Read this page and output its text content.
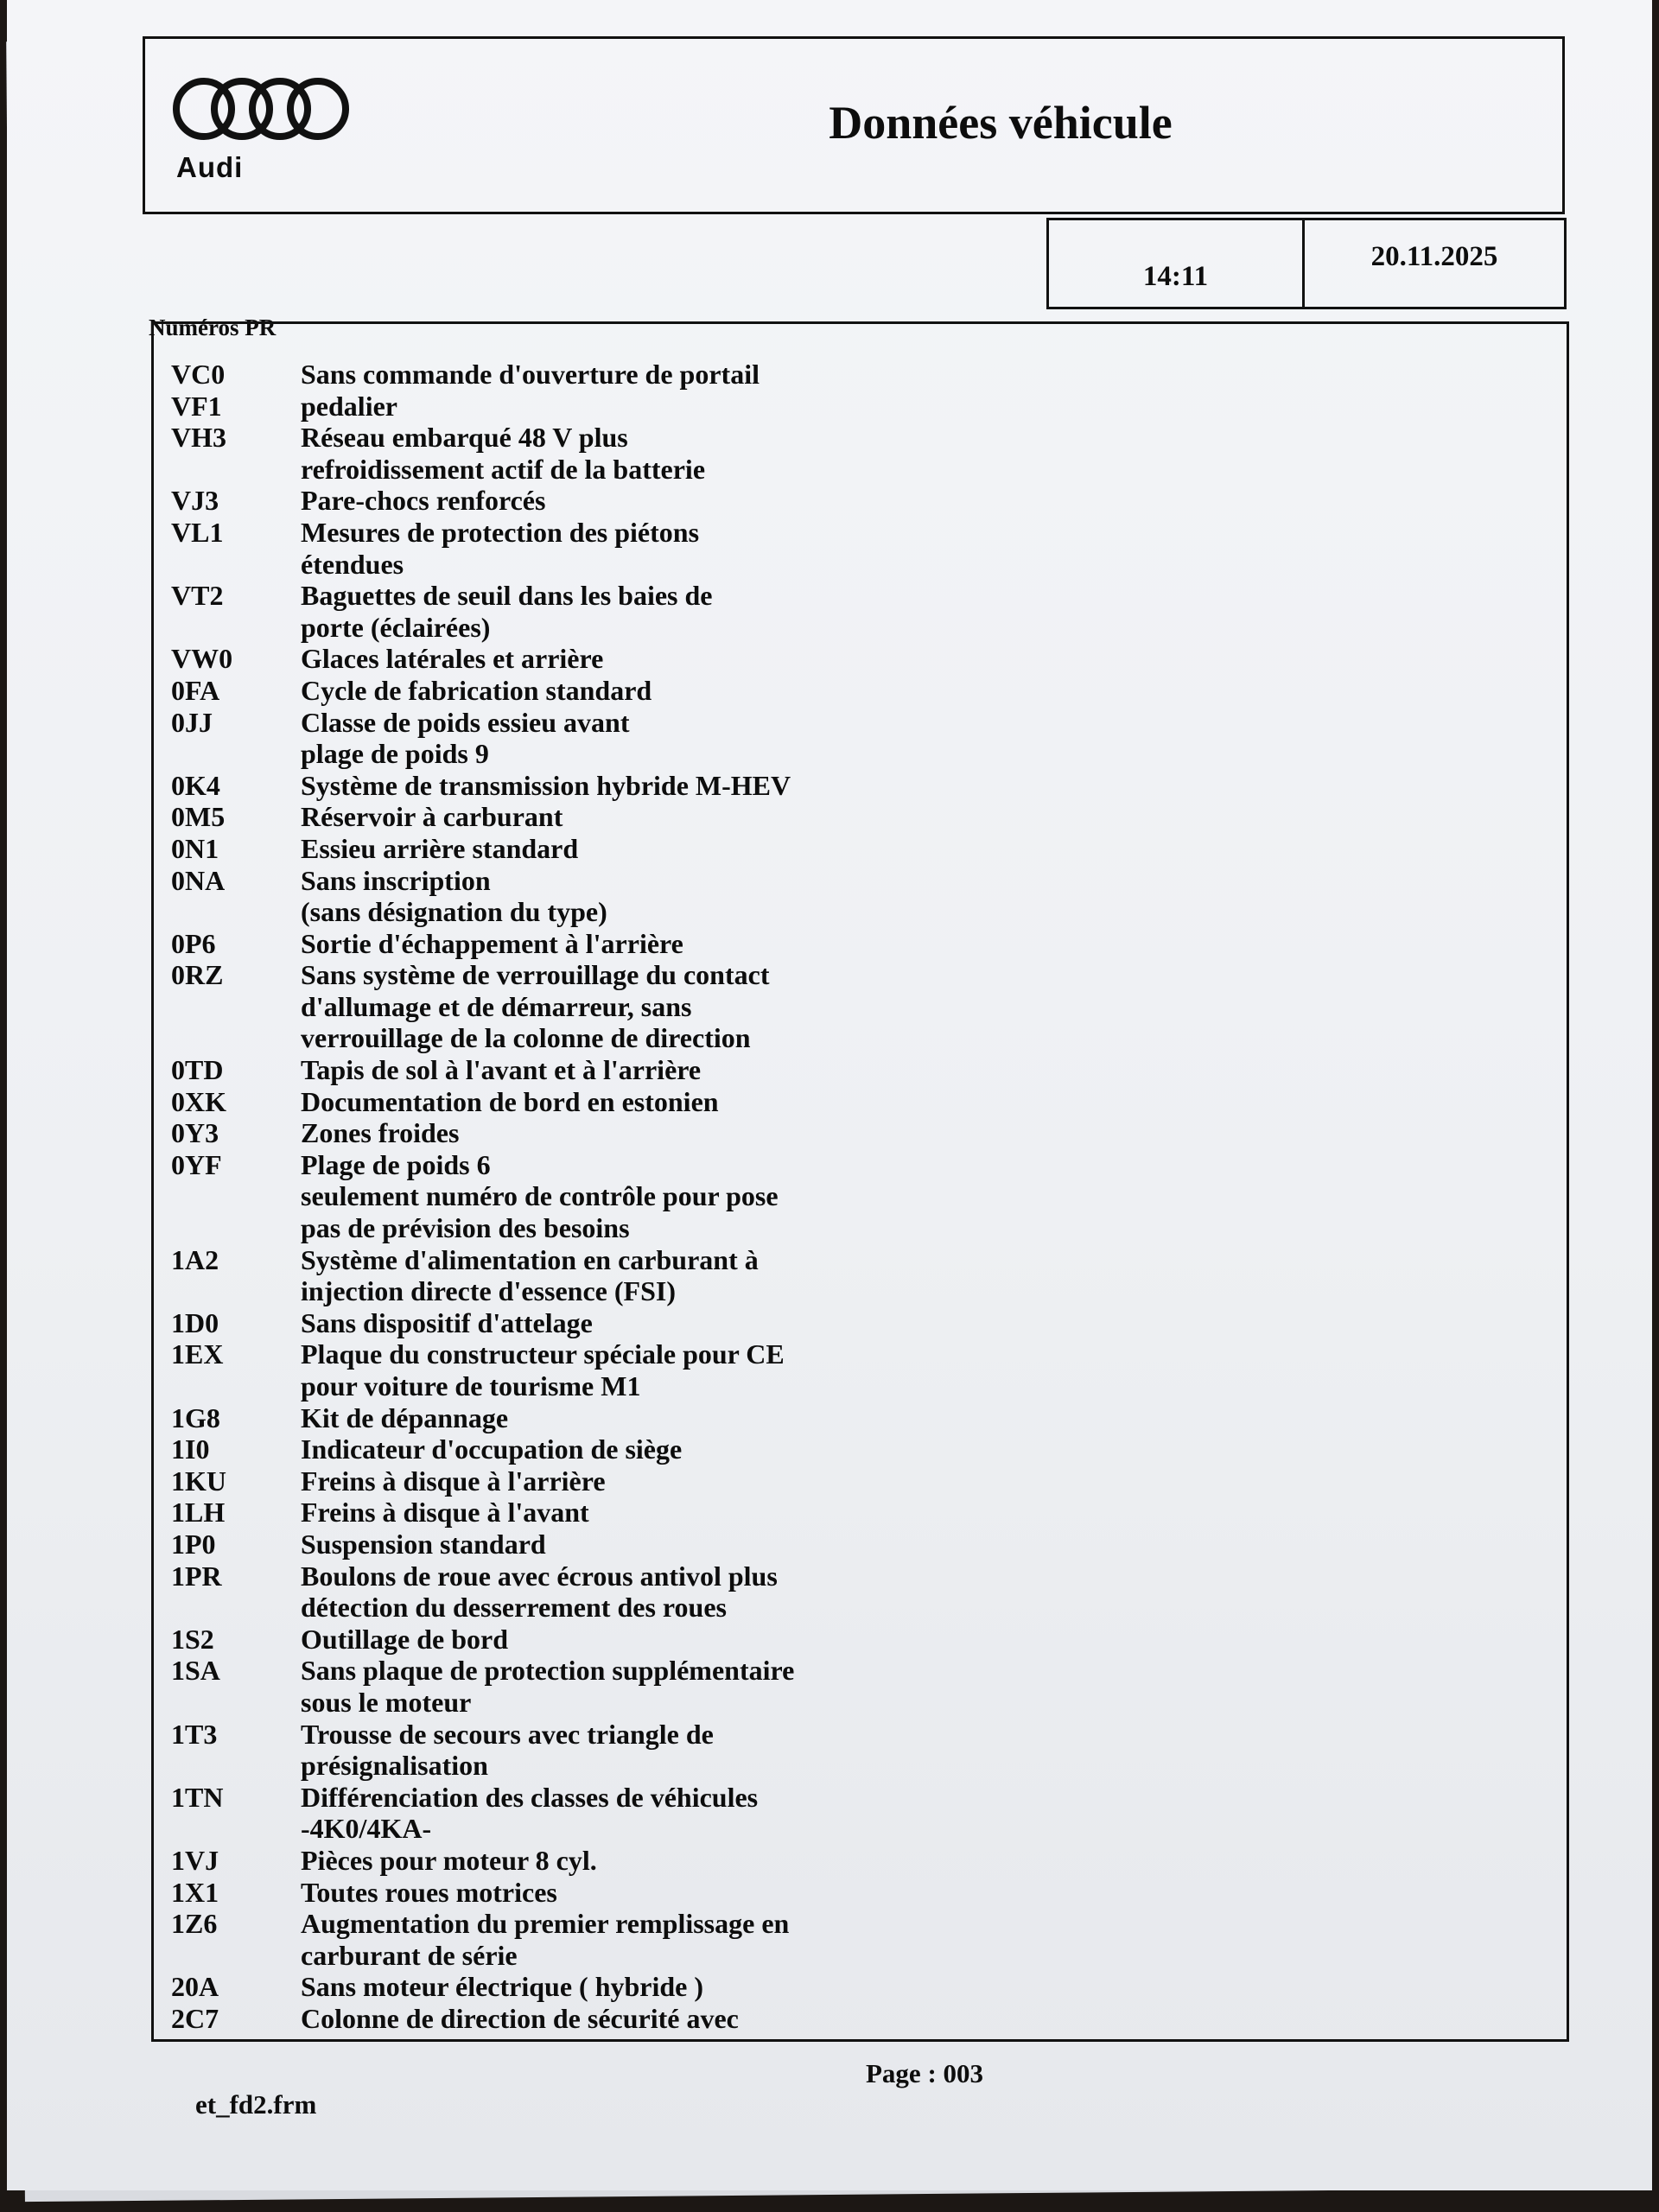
Audi
Données véhicule
14:11
20.11.2025
Numéros PR
VC0	Sans commande d'ouverture de portail
VF1	pedalier
VH3	Réseau embarqué 48 V plus
refroidissement actif de la batterie
VJ3	Pare-chocs renforcés
VL1	Mesures de protection des piétons
étendues
VT2	Baguettes de seuil dans les baies de
porte (éclairées)
VW0	Glaces latérales et arrière
0FA	Cycle de fabrication standard
0JJ	Classe de poids essieu avant
plage de poids 9
0K4	Système de transmission hybride M-HEV
0M5	Réservoir à carburant
0N1	Essieu arrière standard
0NA	Sans inscription
(sans désignation du type)
0P6	Sortie d'échappement à l'arrière
0RZ	Sans système de verrouillage du contact
d'allumage et de démarreur, sans
verrouillage de la colonne de direction
0TD	Tapis de sol à l'avant et à l'arrière
0XK	Documentation de bord en estonien
0Y3	Zones froides
0YF	Plage de poids 6
seulement numéro de contrôle pour pose
pas de prévision des besoins
1A2	Système d'alimentation en carburant à
injection directe d'essence (FSI)
1D0	Sans dispositif d'attelage
1EX	Plaque du constructeur spéciale pour CE
pour voiture de tourisme M1
1G8	Kit de dépannage
1I0	Indicateur d'occupation de siège
1KU	Freins à disque à l'arrière
1LH	Freins à disque à l'avant
1P0	Suspension standard
1PR	Boulons de roue avec écrous antivol plus
détection du desserrement des roues
1S2	Outillage de bord
1SA	Sans plaque de protection supplémentaire
sous le moteur
1T3	Trousse de secours avec triangle de
présignalisation
1TN	Différenciation des classes de véhicules
-4K0/4KA-
1VJ	Pièces pour moteur 8 cyl.
1X1	Toutes roues motrices
1Z6	Augmentation du premier remplissage en
carburant de série
20A	Sans moteur électrique ( hybride )
2C7	Colonne de direction de sécurité avec
Page : 003
et_fd2.frm
